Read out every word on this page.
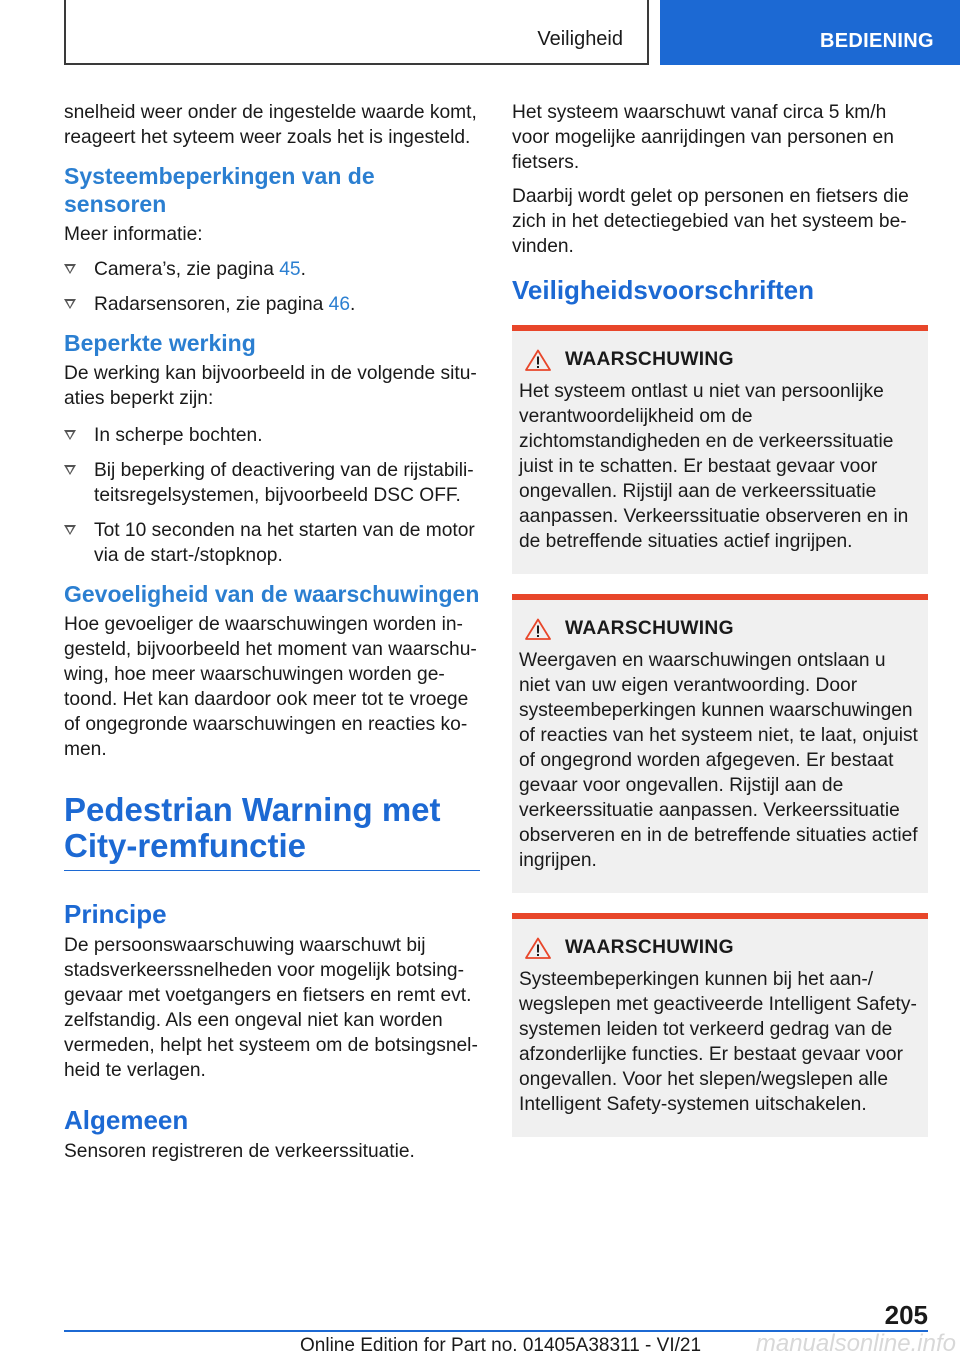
Veiligheid	BEDIENING

snelheid weer onder de ingestelde waarde komt, reageert het syteem weer zoals het is ingesteld.

Systeembeperkingen van de sensoren

Meer informatie:

Camera’s, zie pagina 45.
Radarsensoren, zie pagina 46.
Beperkte werking

De werking kan bijvoorbeeld in de volgende situaties beperkt zijn:

In scherpe bochten.
Bij beperking of deactivering van de rijstabiliteitsregelsystemen, bijvoorbeeld DSC OFF.
Tot 10 seconden na het starten van de motor via de start-/stopknop.
Gevoeligheid van de waarschuwingen

Hoe gevoeliger de waarschuwingen worden ingesteld, bijvoorbeeld het moment van waarschuwing, hoe meer waarschuwingen worden getoond. Het kan daardoor ook meer tot te vroege of ongegronde waarschuwingen en reacties komen.

Pedestrian Warning met City-remfunctie
Principe

De persoonswaarschuwing waarschuwt bij stadsverkeerssnelheden voor mogelijk botsinggevaar met voetgangers en fietsers en remt evt. zelfstandig. Als een ongeval niet kan worden vermeden, helpt het systeem om de botsingsnelheid te verlagen.

Algemeen

Sensoren registreren de verkeerssituatie.

Het systeem waarschuwt vanaf circa 5 km/h voor mogelijke aanrijdingen van personen en fietsers.

Daarbij wordt gelet op personen en fietsers die zich in het detectiegebied van het systeem bevinden.

Veiligheidsvoorschriften
WAARSCHUWING

Het systeem ontlast u niet van persoonlijke verantwoordelijkheid om de zichtomstandigheden en de verkeerssituatie juist in te schatten. Er bestaat gevaar voor ongevallen. Rijstijl aan de verkeerssituatie aanpassen. Verkeerssituatie observeren en in de betreffende situaties actief ingrijpen.

WAARSCHUWING

Weergaven en waarschuwingen ontslaan u niet van uw eigen verantwoording. Door systeembeperkingen kunnen waarschuwingen of reacties van het systeem niet, te laat, onjuist of ongegrond worden afgegeven. Er bestaat gevaar voor ongevallen. Rijstijl aan de verkeerssituatie aanpassen. Verkeerssituatie observeren en in de betreffende situaties actief ingrijpen.

WAARSCHUWING

Systeembeperkingen kunnen bij het aan-/ wegslepen met geactiveerde Intelligent Safety-systemen leiden tot verkeerd gedrag van de afzonderlijke functies. Er bestaat gevaar voor ongevallen. Voor het slepen/wegslepen alle Intelligent Safety-systemen uitschakelen.

205
Online Edition for Part no. 01405A38311 - VI/21 manualsonline.info
